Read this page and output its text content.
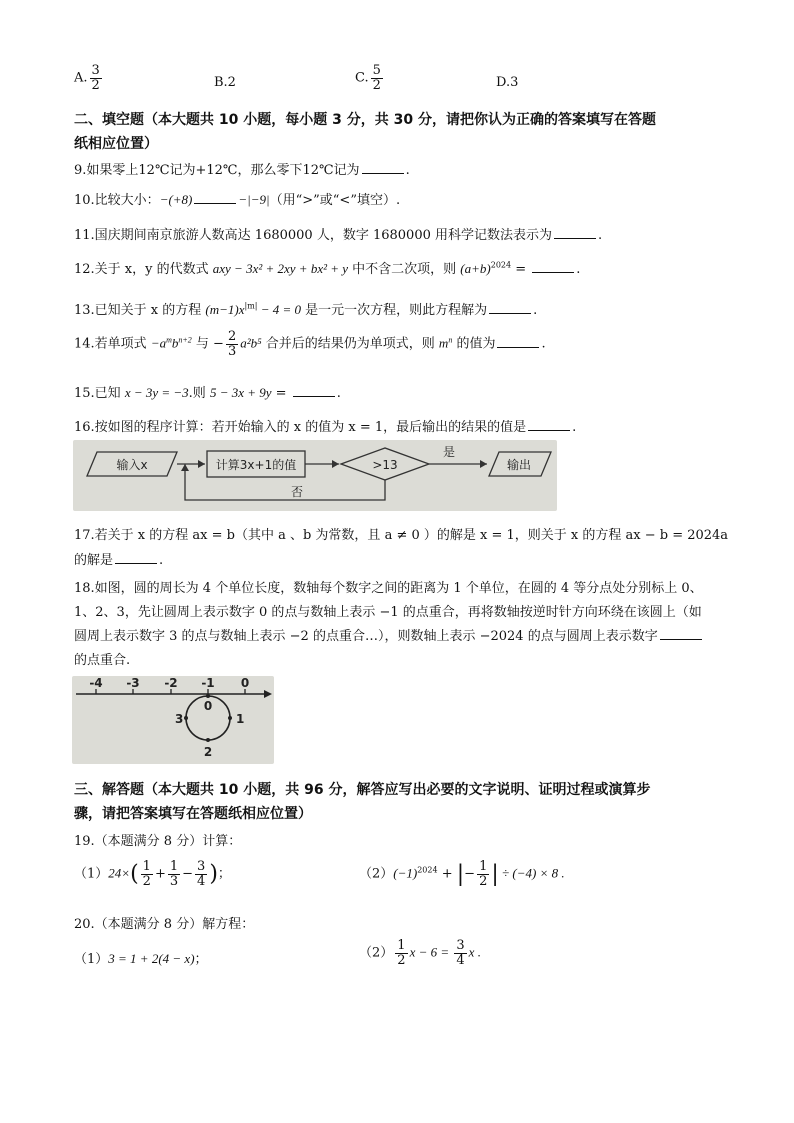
A. $\frac{3}{2}$	B.2	C. $\frac{5}{2}$	D.3
二、填空题（本大题共 10 小题，每小题 3 分，共 30 分，请把你认为正确的答案填写在答题
纸相应位置）
9.如果零上12℃记为+12℃，那么零下12℃记为	.
10.比较大小：−(+8)	−|−9|（用“>”或“<”填空）.
11.国庆期间南京旅游人数高达 1680000 人，数字 1680000 用科学记数法表示为	.
12.关于 x，y 的代数式 axy − 3x² + 2xy + bx² + y 中不含二次项，则 $(a+b)^{2024}$ =	.
13.已知关于 x 的方程 $(m-1)x^{|m|} - 4 = 0$ 是一元一次方程，则此方程解为	.
14.若单项式 $-a^mb^{n+2}$ 与 − $\frac{2}{3} a^2b^5$ 合并后的结果仍为单项式，则 $m^n$ 的值为	.
15.已知 x − 3y = −3.则 5 − 3x + 9y =	.
16.按如图的程序计算：若开始输入的 x 的值为 x = 1，最后输出的结果的值是	.
输入x	计算3x+1的值	>13
是
输出
否
17.若关于 x 的方程 ax = b（其中 a 、b 为常数，且 a ≠ 0 ）的解是 x = 1，则关于 x 的方程 ax − b = 2024a
的解是	.
18.如图，圆的周长为 4 个单位长度，数轴每个数字之间的距离为 1 个单位，在圆的 4 等分点处分别标上 0、
1、2、3，先让圆周上表示数字 0 的点与数轴上表示 −1 的点重合，再将数轴按逆时针方向环绕在该圆上（如
圆周上表示数字 3 的点与数轴上表示 −2 的点重合…），则数轴上表示 −2024 的点与圆周上表示数字
的点重合.
-4 -3 -2 -1 0
0
1
2
3
三、解答题（本大题共 10 小题，共 96 分，解答应写出必要的文字说明、证明过程或演算步
骤，请把答案填写在答题纸相应位置）
19.（本题满分 8 分）计算：
$(1)24\times( \frac{1}{2} + \frac{1}{3} - \frac{3}{4}$ )；	$(2)(-1)^{2024}$ + |− $\frac{1}{2}$ | ÷ (−4) × 8 .
20.（本题满分 8 分）解方程：
（1）3 = 1 + 2(4 − x)；	$(2) \frac{1}{2}$ $x - 6 = \frac{3}{4}$ x .
